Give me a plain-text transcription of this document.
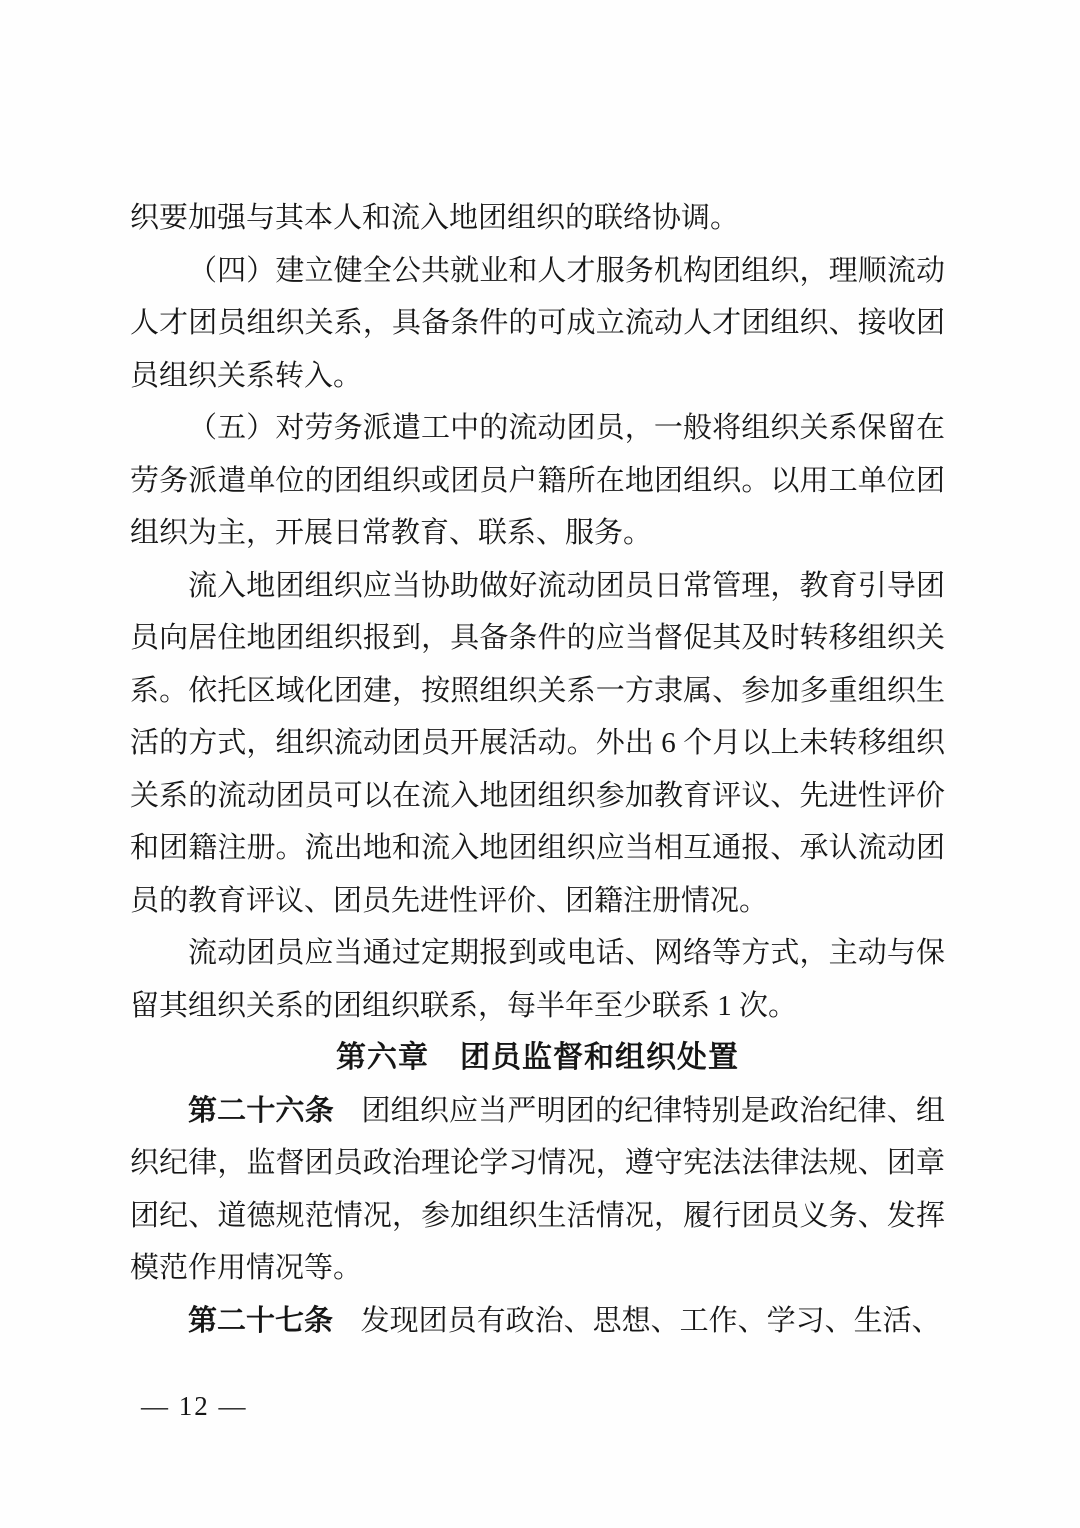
织要加强与其本人和流入地团组织的联络协调。

（四）建立健全公共就业和人才服务机构团组织，理顺流动人才团员组织关系，具备条件的可成立流动人才团组织、接收团员组织关系转入。

（五）对劳务派遣工中的流动团员，一般将组织关系保留在劳务派遣单位的团组织或团员户籍所在地团组织。以用工单位团组织为主，开展日常教育、联系、服务。

流入地团组织应当协助做好流动团员日常管理，教育引导团员向居住地团组织报到，具备条件的应当督促其及时转移组织关系。依托区域化团建，按照组织关系一方隶属、参加多重组织生活的方式，组织流动团员开展活动。外出 6 个月以上未转移组织关系的流动团员可以在流入地团组织参加教育评议、先进性评价和团籍注册。流出地和流入地团组织应当相互通报、承认流动团员的教育评议、团员先进性评价、团籍注册情况。

流动团员应当通过定期报到或电话、网络等方式，主动与保留其组织关系的团组织联系，每半年至少联系 1 次。

第六章　团员监督和组织处置

第二十六条 团组织应当严明团的纪律特别是政治纪律、组织纪律，监督团员政治理论学习情况，遵守宪法法律法规、团章团纪、道德规范情况，参加组织生活情况，履行团员义务、发挥模范作用情况等。

第二十七条 发现团员有政治、思想、工作、学习、生活、

— 12 —
